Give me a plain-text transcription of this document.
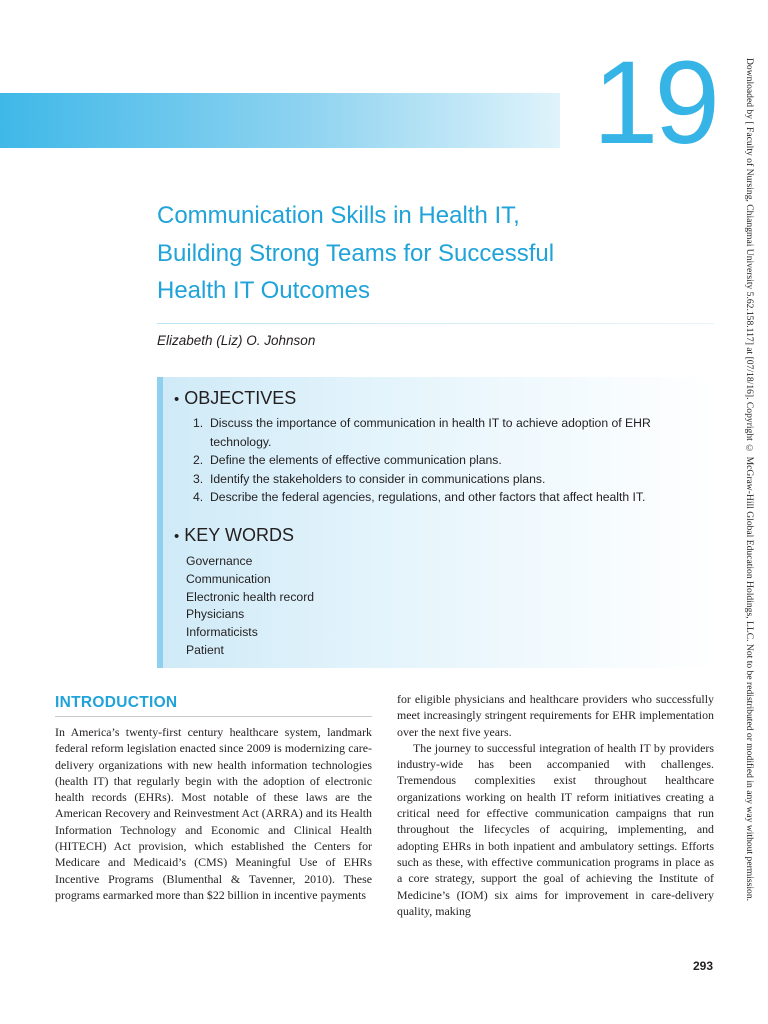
19	Downloaded by [ Faculty of Nursing, Chiangmai University 5.62.158.117] at [07/18/16]. Copyright © McGraw-Hill Global Education Holdings, LLC. Not to be redistributed or modified in any way without permission.
Communication Skills in Health IT, Building Strong Teams for Successful Health IT Outcomes
Elizabeth (Liz) O. Johnson
• OBJECTIVES
1. Discuss the importance of communication in health IT to achieve adoption of EHR technology.
2. Define the elements of effective communication plans.
3. Identify the stakeholders to consider in communications plans.
4. Describe the federal agencies, regulations, and other factors that affect health IT.
• KEY WORDS
Governance
Communication
Electronic health record
Physicians
Informaticists
Patient
INTRODUCTION

In America’s twenty-first century healthcare system, landmark federal reform legislation enacted since 2009 is modernizing care-delivery organizations with new health information technologies (health IT) that regularly begin with the adoption of electronic health records (EHRs). Most notable of these laws are the American Recovery and Reinvestment Act (ARRA) and its Health Information Technology and Economic and Clinical Health (HITECH) Act provision, which established the Centers for Medicare and Medicaid’s (CMS) Meaningful Use of EHRs Incentive Programs (Blumenthal & Tavenner, 2010). These programs earmarked more than $22 billion in incentive payments

for eligible physicians and healthcare providers who successfully meet increasingly stringent requirements for EHR implementation over the next five years.

The journey to successful integration of health IT by providers industry-wide has been accompanied with challenges. Tremendous complexities exist throughout healthcare organizations working on health IT reform initiatives creating a critical need for effective communication campaigns that run throughout the lifecycles of acquiring, implementing, and adopting EHRs in both inpatient and ambulatory settings. Efforts such as these, with effective communication programs in place as a core strategy, support the goal of achieving the Institute of Medicine’s (IOM) six aims for improvement in care-delivery quality, making

293
